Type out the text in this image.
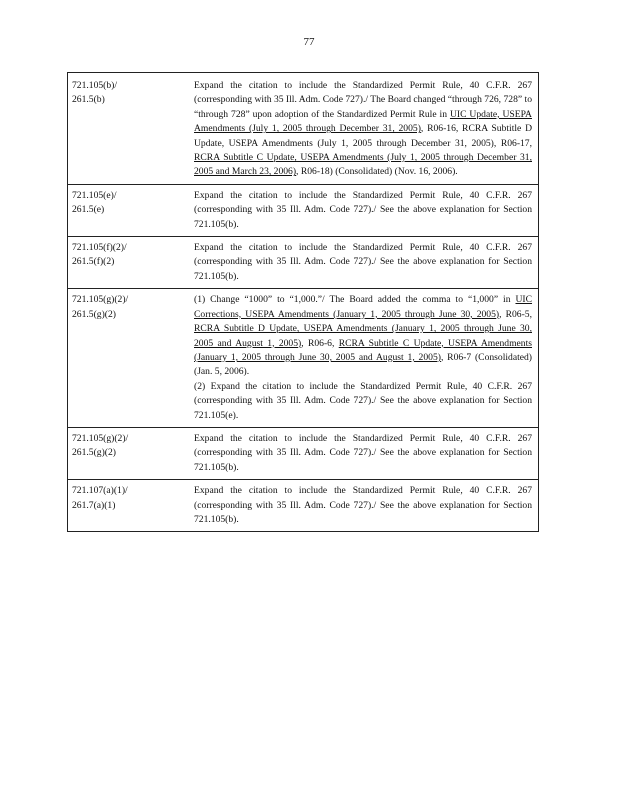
77
721.105(b)/
261.5(b)	Expand the citation to include the Standardized Permit Rule, 40 C.F.R. 267 (corresponding with 35 Ill. Adm. Code 727)./ The Board changed “through 726, 728” to “through 728” upon adoption of the Standardized Permit Rule in UIC Update, USEPA Amendments (July 1, 2005 through December 31, 2005), R06-16, RCRA Subtitle D Update, USEPA Amendments (July 1, 2005 through December 31, 2005), R06-17, RCRA Subtitle C Update, USEPA Amendments (July 1, 2005 through December 31, 2005 and March 23, 2006), R06-18) (Consolidated) (Nov. 16, 2006).

721.105(e)/
261.5(e)	Expand the citation to include the Standardized Permit Rule, 40 C.F.R. 267 (corresponding with 35 Ill. Adm. Code 727)./ See the above explanation for Section 721.105(b).

721.105(f)(2)/
261.5(f)(2)	Expand the citation to include the Standardized Permit Rule, 40 C.F.R. 267 (corresponding with 35 Ill. Adm. Code 727)./ See the above explanation for Section 721.105(b).

721.105(g)(2)/
261.5(g)(2)	(1) Change “1000” to “1,000.”/ The Board added the comma to “1,000” in UIC Corrections, USEPA Amendments (January 1, 2005 through June 30, 2005), R06-5, RCRA Subtitle D Update, USEPA Amendments (January 1, 2005 through June 30, 2005 and August 1, 2005), R06-6, RCRA Subtitle C Update, USEPA Amendments (January 1, 2005 through June 30, 2005 and August 1, 2005), R06-7 (Consolidated) (Jan. 5, 2006).
(2) Expand the citation to include the Standardized Permit Rule, 40 C.F.R. 267 (corresponding with 35 Ill. Adm. Code 727)./ See the above explanation for Section 721.105(e).

721.105(g)(2)/
261.5(g)(2)	Expand the citation to include the Standardized Permit Rule, 40 C.F.R. 267 (corresponding with 35 Ill. Adm. Code 727)./ See the above explanation for Section 721.105(b).

721.107(a)(1)/
261.7(a)(1)	Expand the citation to include the Standardized Permit Rule, 40 C.F.R. 267 (corresponding with 35 Ill. Adm. Code 727)./ See the above explanation for Section 721.105(b).
